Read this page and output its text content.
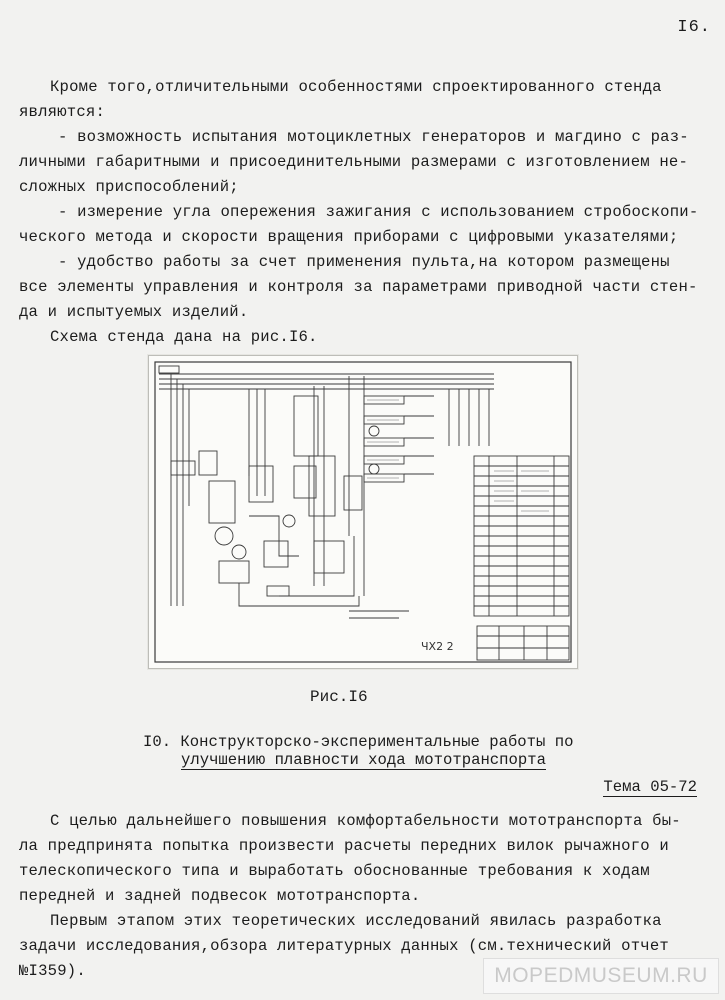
I6.
Кроме того,отличительными особенностями спроектированного стенда
являются:
- возможность испытания мотоциклетных генераторов и магдино с раз-
личными габаритными и присоединительными размерами с изготовлением не-
сложных приспособлений;
- измерение угла опережения зажигания с использованием стробоскопи-
ческого метода и скорости вращения приборами с цифровыми указателями;
- удобство работы за счет применения пульта,на котором размещены
все элементы управления и контроля за параметрами приводной части стен-
да и испытуемых изделий.
Схема стенда дана на рис.I6.
ЧХ2 2
Рис.I6
I0. Конструкторско-экспериментальные работы по
улучшению плавности хода мототранспорта
Тема 05-72
С целью дальнейшего повышения комфортабельности мототранспорта бы-
ла предпринята попытка произвести расчеты передних вилок рычажного и
телескопического типа и выработать обоснованные требования к ходам
передней и задней подвесок мототранспорта.
Первым этапом этих теоретических исследований явилась разработка
задачи исследования,обзора литературных данных (см.технический отчет
№I359).	MOPEDMUSEUM.RU
